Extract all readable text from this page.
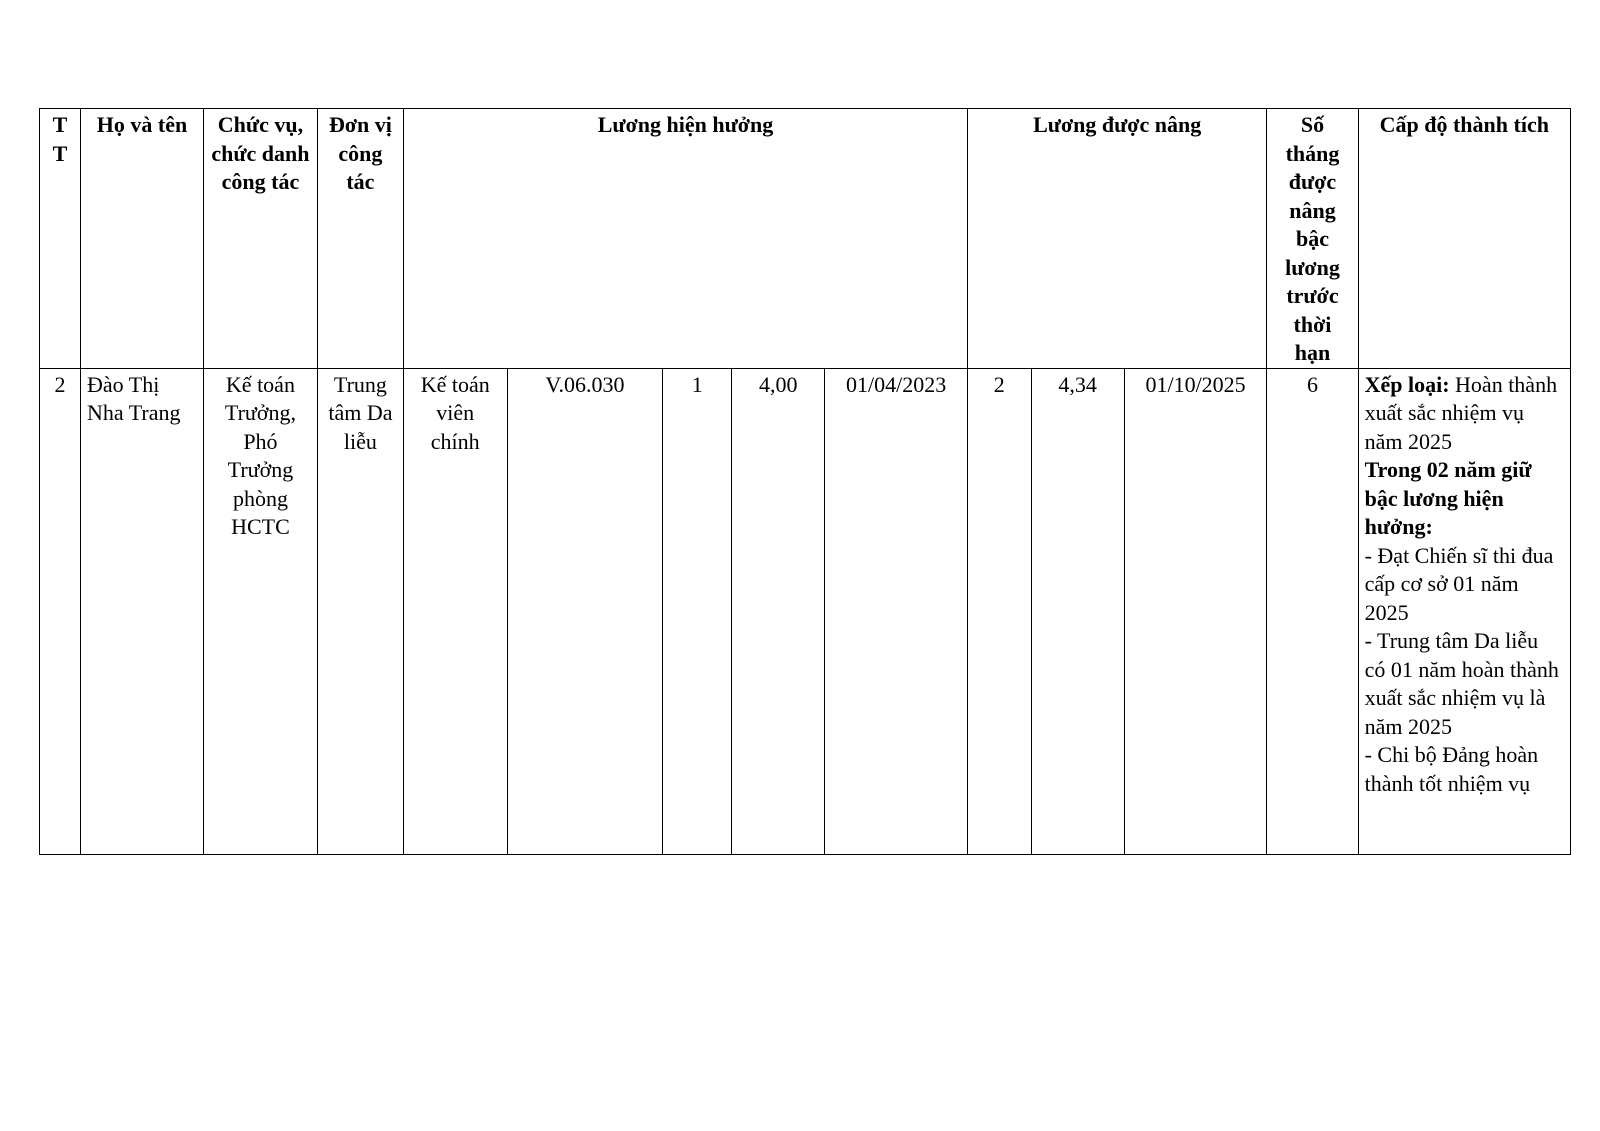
T T	Họ và tên	Chức vụ, chức danh công tác	Đơn vị công tác	Lương hiện hưởng					Lương được nâng			Số tháng được nâng bậc lương trước thời hạn	Cấp độ thành tích
2	Đào Thị Nha Trang	Kế toán Trưởng, Phó Trưởng phòng HCTC	Trung tâm Da liễu	Kế toán viên chính	V.06.030	1	4,00	01/04/2023	2	4,34	01/10/2025	6	Xếp loại: Hoàn thành xuất sắc nhiệm vụ năm 2025
Trong 02 năm giữ bậc lương hiện hưởng:
- Đạt Chiến sĩ thi đua cấp cơ sở 01 năm 2025
- Trung tâm Da liễu có 01 năm hoàn thành xuất sắc nhiệm vụ là năm 2025
- Chi bộ Đảng hoàn thành tốt nhiệm vụ
